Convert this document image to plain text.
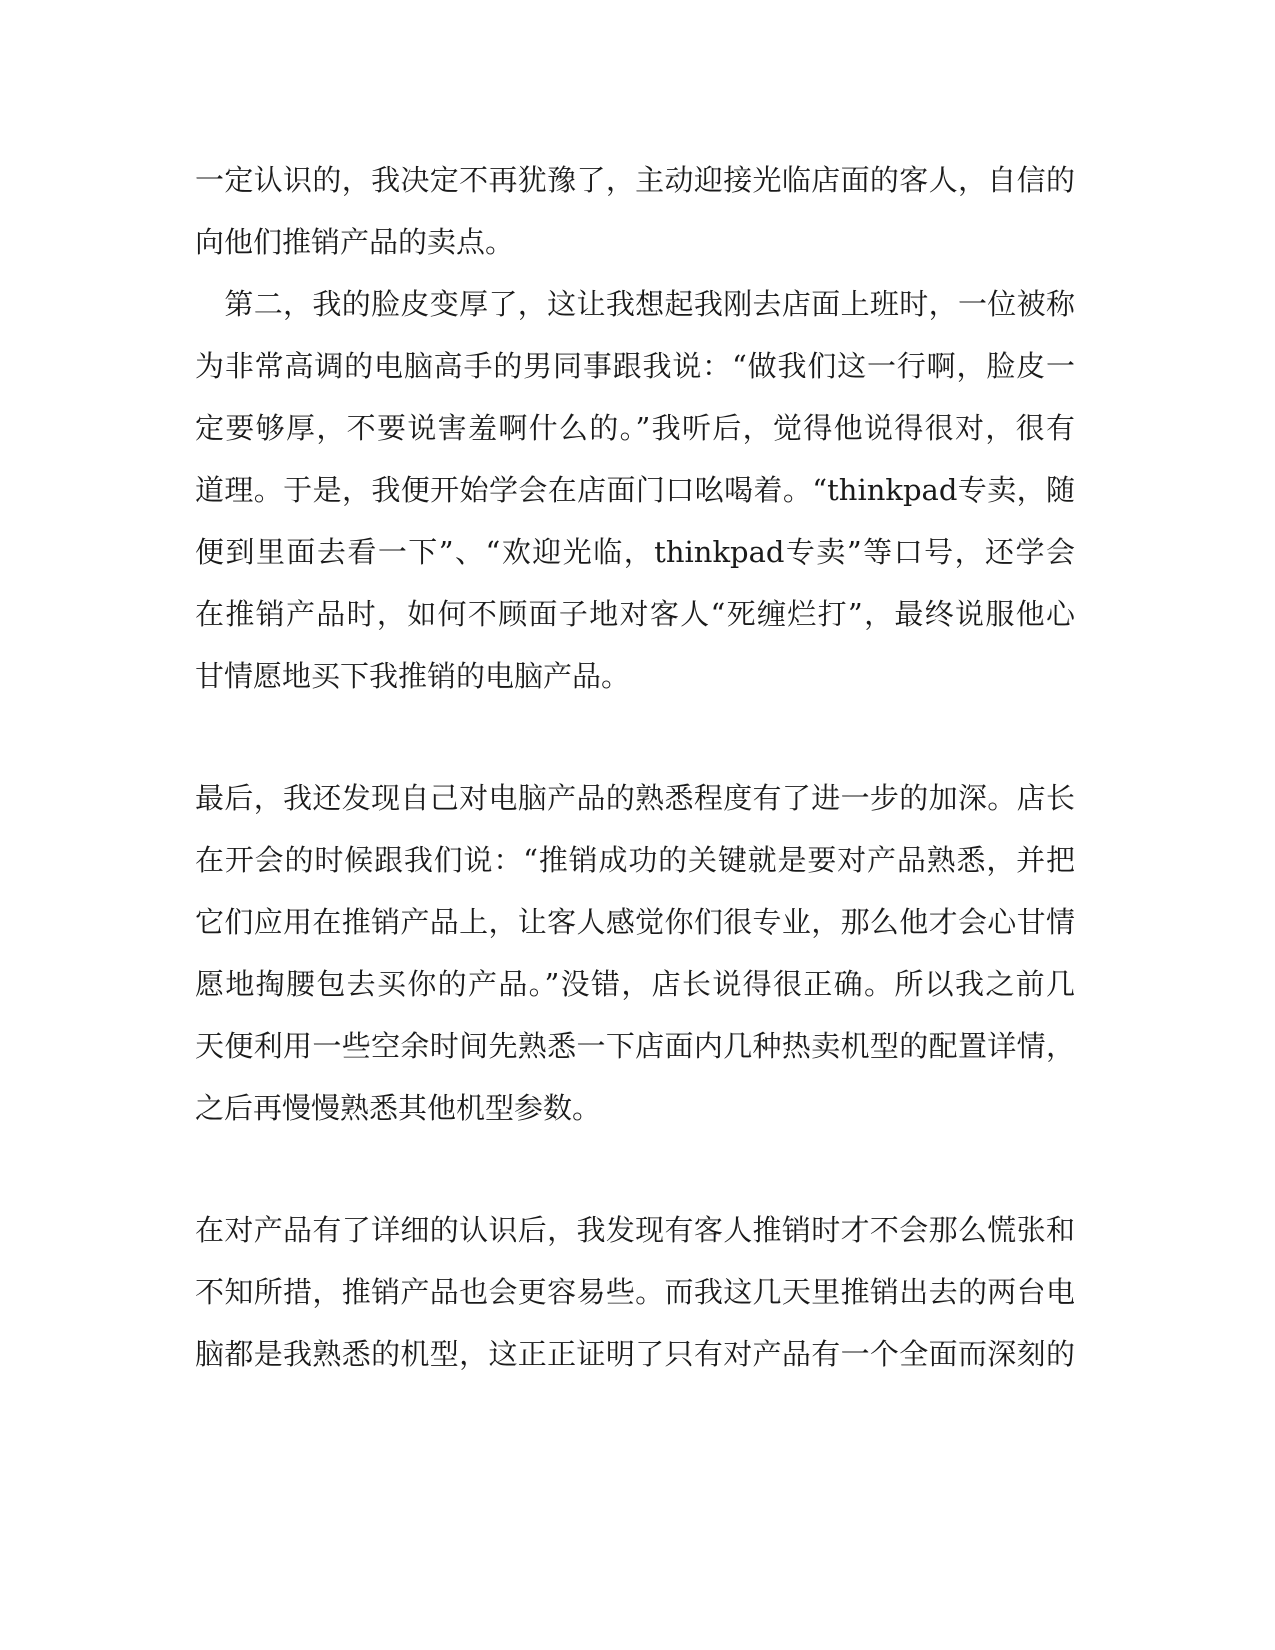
一定认识的，我决定不再犹豫了，主动迎接光临店面的客人，自信的
向他们推销产品的卖点。
　第二，我的脸皮变厚了，这让我想起我刚去店面上班时，一位被称
为非常高调的电脑高手的男同事跟我说：“做我们这一行啊，脸皮一
定要够厚，不要说害羞啊什么的。”我听后，觉得他说得很对，很有
道理。于是，我便开始学会在店面门口吆喝着。“thinkpad专卖，随
便到里面去看一下”、“欢迎光临，thinkpad专卖”等口号，还学会
在推销产品时，如何不顾面子地对客人“死缠烂打”，最终说服他心
甘情愿地买下我推销的电脑产品。
最后，我还发现自己对电脑产品的熟悉程度有了进一步的加深。店长
在开会的时候跟我们说：“推销成功的关键就是要对产品熟悉，并把
它们应用在推销产品上，让客人感觉你们很专业，那么他才会心甘情
愿地掏腰包去买你的产品。”没错，店长说得很正确。所以我之前几
天便利用一些空余时间先熟悉一下店面内几种热卖机型的配置详情，
之后再慢慢熟悉其他机型参数。
在对产品有了详细的认识后，我发现有客人推销时才不会那么慌张和
不知所措，推销产品也会更容易些。而我这几天里推销出去的两台电
脑都是我熟悉的机型，这正正证明了只有对产品有一个全面而深刻的
